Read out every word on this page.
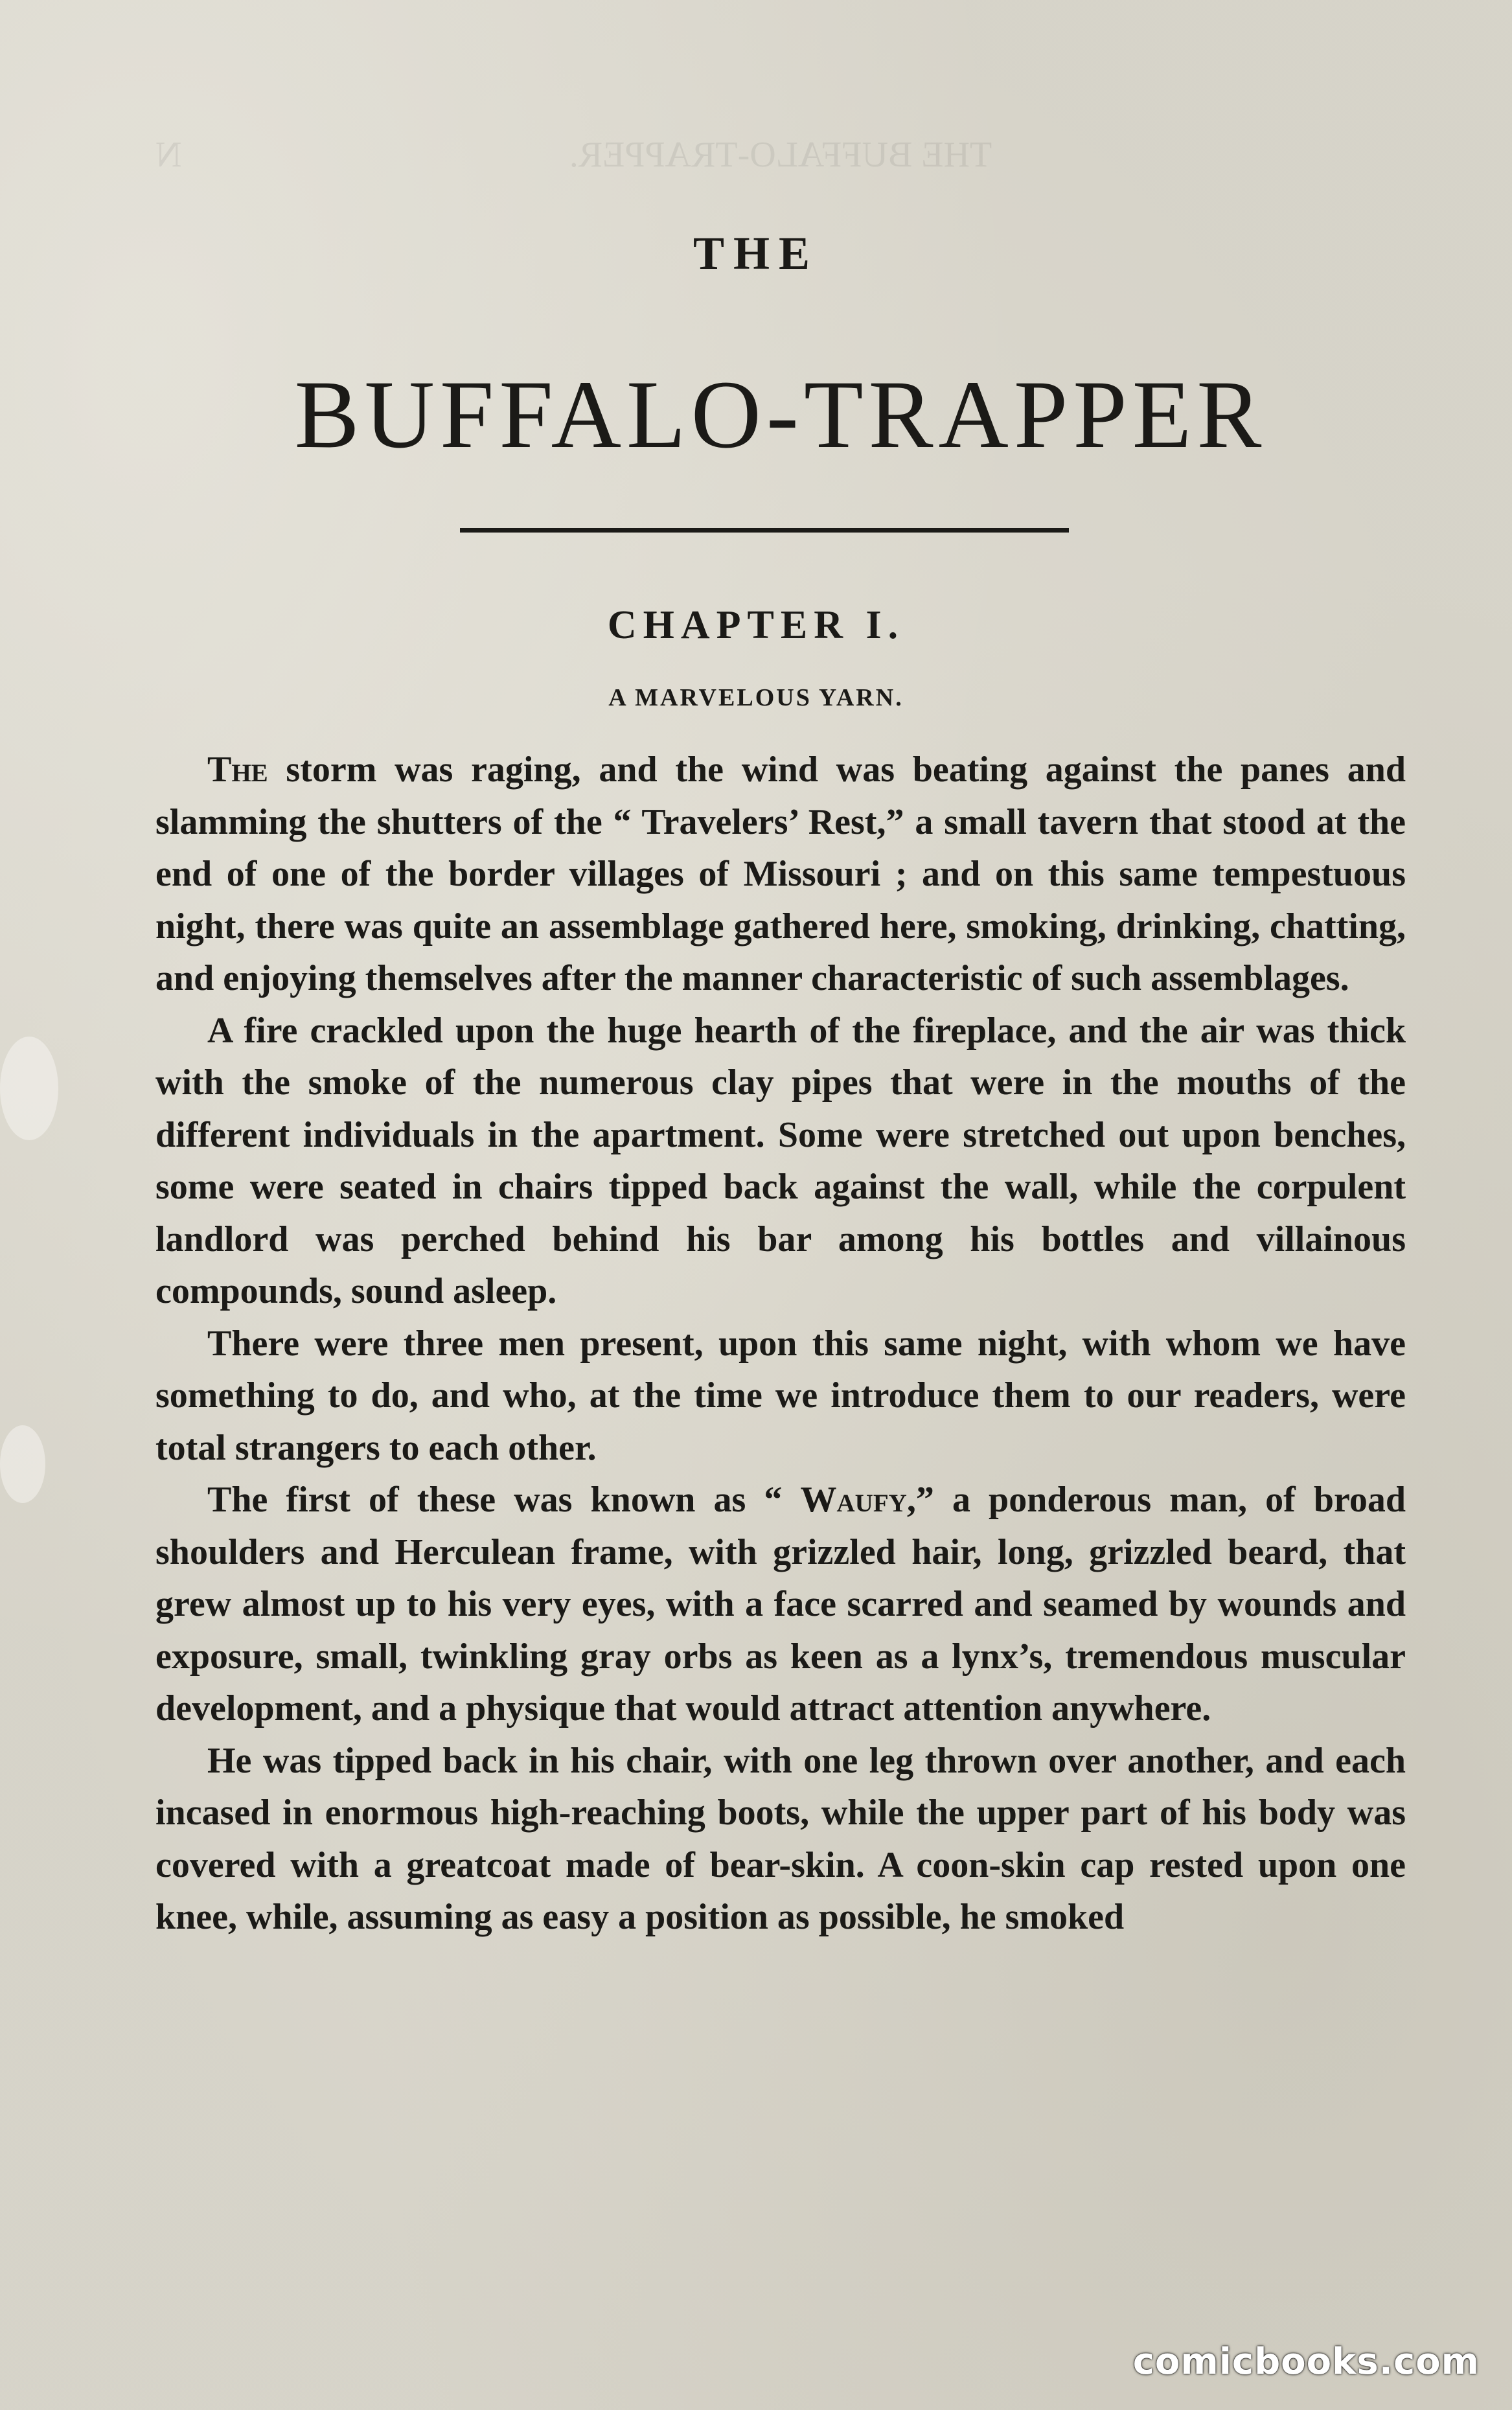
THE BUFFALO-TRAPPER.
N
THE
BUFFALO-TRAPPER
CHAPTER I.
A MARVELOUS YARN.

The storm was raging, and the wind was beating against the panes and slamming the shutters of the “ Travelers’ Rest,” a small tavern that stood at the end of one of the border villages of Missouri ; and on this same tempestuous night, there was quite an assemblage gathered here, smoking, drinking, chatting, and enjoying themselves after the manner characteristic of such assemblages.

A fire crackled upon the huge hearth of the fireplace, and the air was thick with the smoke of the numerous clay pipes that were in the mouths of the different individuals in the apartment. Some were stretched out upon benches, some were seated in chairs tipped back against the wall, while the corpulent landlord was perched behind his bar among his bottles and villainous compounds, sound asleep.

There were three men present, upon this same night, with whom we have something to do, and who, at the time we introduce them to our readers, were total strangers to each other.

The first of these was known as “ Waufy,” a ponderous man, of broad shoulders and Herculean frame, with grizzled hair, long, grizzled beard, that grew almost up to his very eyes, with a face scarred and seamed by wounds and exposure, small, twinkling gray orbs as keen as a lynx’s, tremendous muscular development, and a physique that would attract attention anywhere.

He was tipped back in his chair, with one leg thrown over another, and each incased in enormous high-reaching boots, while the upper part of his body was covered with a greatcoat made of bear-skin. A coon-skin cap rested upon one knee, while, assuming as easy a position as possible, he smoked

comicbooks.com
